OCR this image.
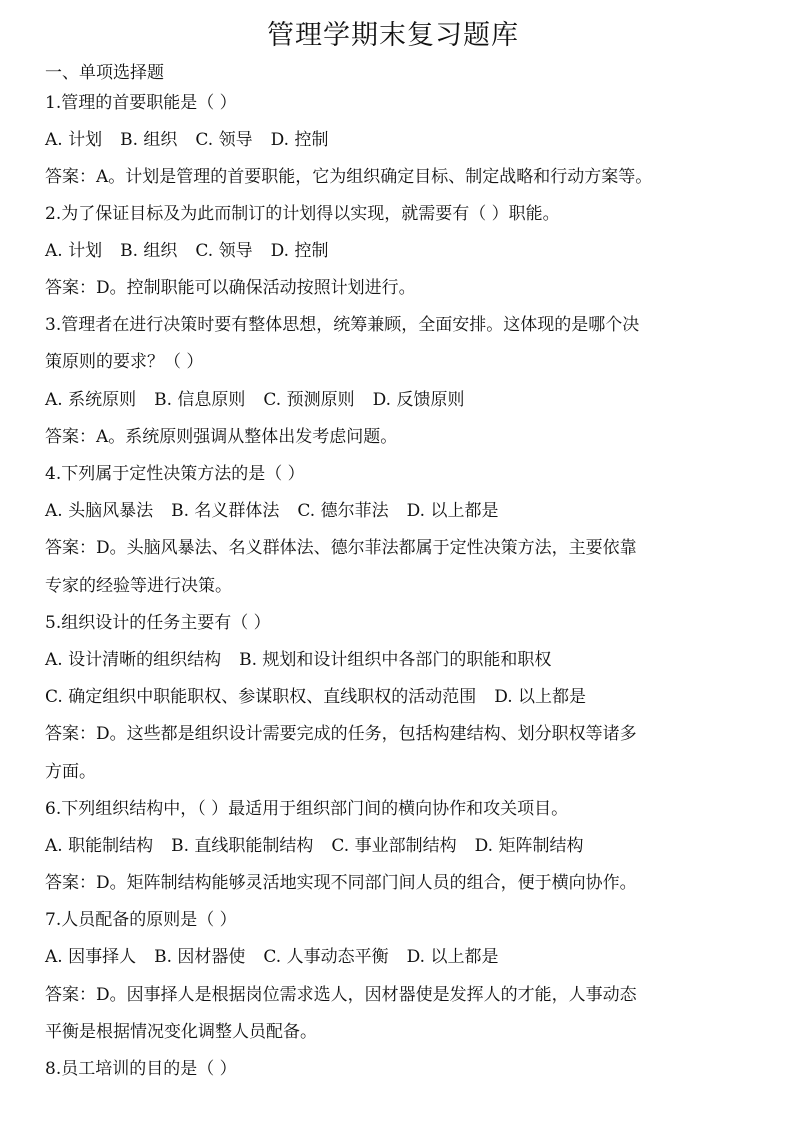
管理学期末复习题库
一、单项选择题
1.管理的首要职能是（ ）
A. 计划 B. 组织 C. 领导 D. 控制
答案：A。计划是管理的首要职能，它为组织确定目标、制定战略和行动方案等。
2.为了保证目标及为此而制订的计划得以实现，就需要有（ ）职能。
A. 计划 B. 组织 C. 领导 D. 控制
答案：D。控制职能可以确保活动按照计划进行。
3.管理者在进行决策时要有整体思想，统筹兼顾，全面安排。这体现的是哪个决
策原则的要求？（ ）
A. 系统原则 B. 信息原则 C. 预测原则 D. 反馈原则
答案：A。系统原则强调从整体出发考虑问题。
4.下列属于定性决策方法的是（ ）
A. 头脑风暴法 B. 名义群体法 C. 德尔菲法 D. 以上都是
答案：D。头脑风暴法、名义群体法、德尔菲法都属于定性决策方法，主要依靠
专家的经验等进行决策。
5.组织设计的任务主要有（ ）
A. 设计清晰的组织结构 B. 规划和设计组织中各部门的职能和职权
C. 确定组织中职能职权、参谋职权、直线职权的活动范围 D. 以上都是
答案：D。这些都是组织设计需要完成的任务，包括构建结构、划分职权等诸多
方面。
6.下列组织结构中，（ ）最适用于组织部门间的横向协作和攻关项目。
A. 职能制结构 B. 直线职能制结构 C. 事业部制结构 D. 矩阵制结构
答案：D。矩阵制结构能够灵活地实现不同部门间人员的组合，便于横向协作。
7.人员配备的原则是（ ）
A. 因事择人 B. 因材器使 C. 人事动态平衡 D. 以上都是
答案：D。因事择人是根据岗位需求选人，因材器使是发挥人的才能，人事动态
平衡是根据情况变化调整人员配备。
8.员工培训的目的是（ ）
